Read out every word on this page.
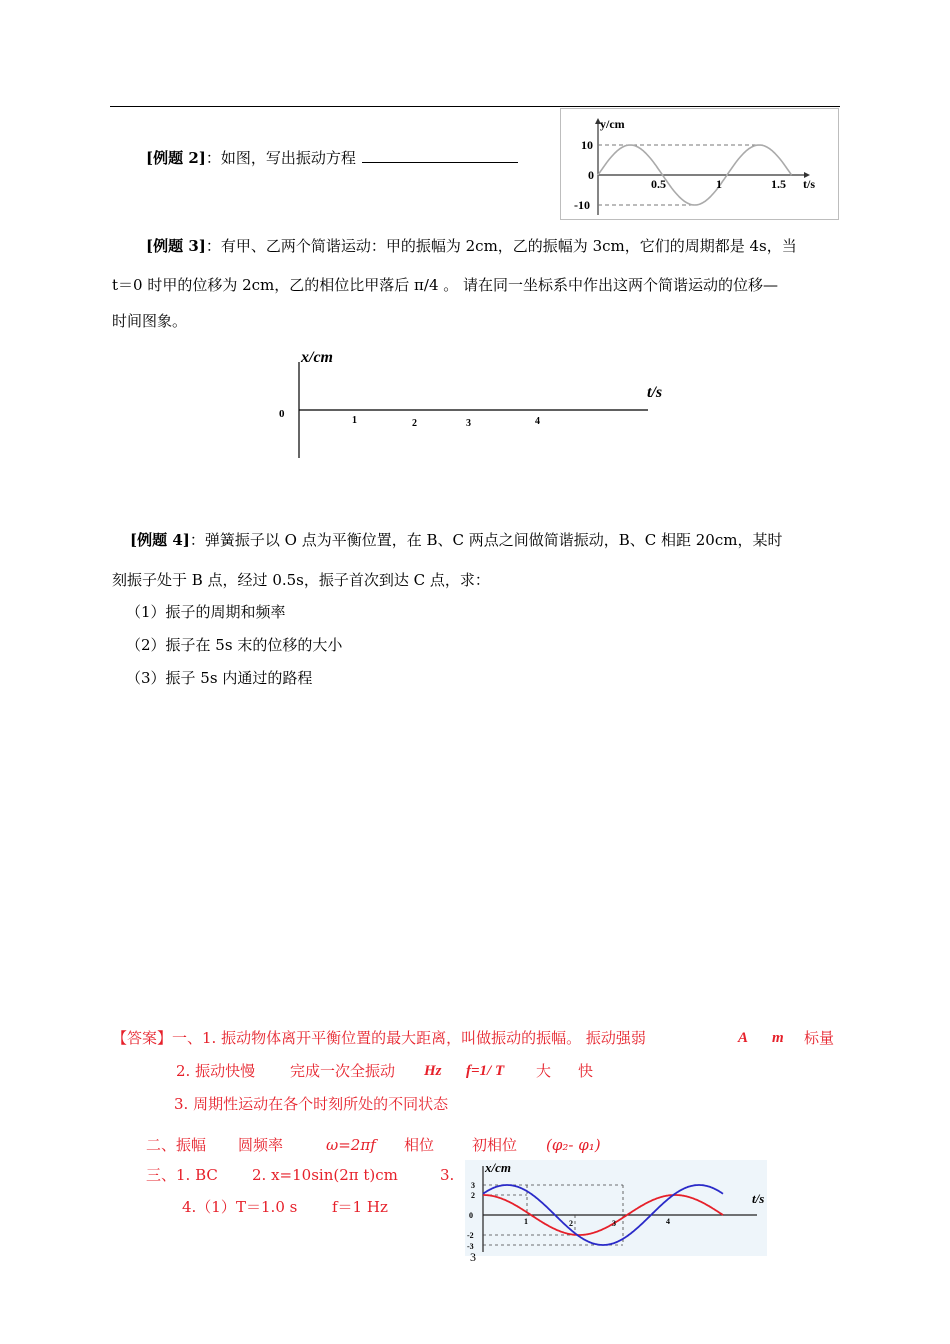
[例题 2]：如图，写出振动方程
y/cm
10
0
-10
0.5	1	1.5 t/s
[例题 3]：有甲、乙两个简谐运动：甲的振幅为 2cm，乙的振幅为 3cm，它们的周期都是 4s，当
t＝0 时甲的位移为 2cm，乙的相位比甲落后 π/4 。 请在同一坐标系中作出这两个简谐运动的位移—
时间图象。
x/cm
t/s
0
1	2	3	4
[例题 4]：弹簧振子以 O 点为平衡位置，在 B、C 两点之间做简谐振动，B、C 相距 20cm，某时
刻振子处于 B 点，经过 0.5s，振子首次到达 C 点，求：
（1）振子的周期和频率
（2）振子在 5s 末的位移的大小
（3）振子 5s 内通过的路程
【答案】一、1. 振动物体离开平衡位置的最大距离，叫做振动的振幅。 振动强弱	A m 标量
2. 振动快慢 完成一次全振动 Hz f=1/ T 大 快
3. 周期性运动在各个时刻所处的不同状态
二、振幅 圆频率	ω=2πf 相位	初相位 (φ₂- φ₁)
三、1. BC 2. x=10sin(2π t)cm	3.
4.（1） T＝1.0 s f＝1 Hz
x/cm
t/s
3
2
0
-2
-3
1	2	3	4
3
